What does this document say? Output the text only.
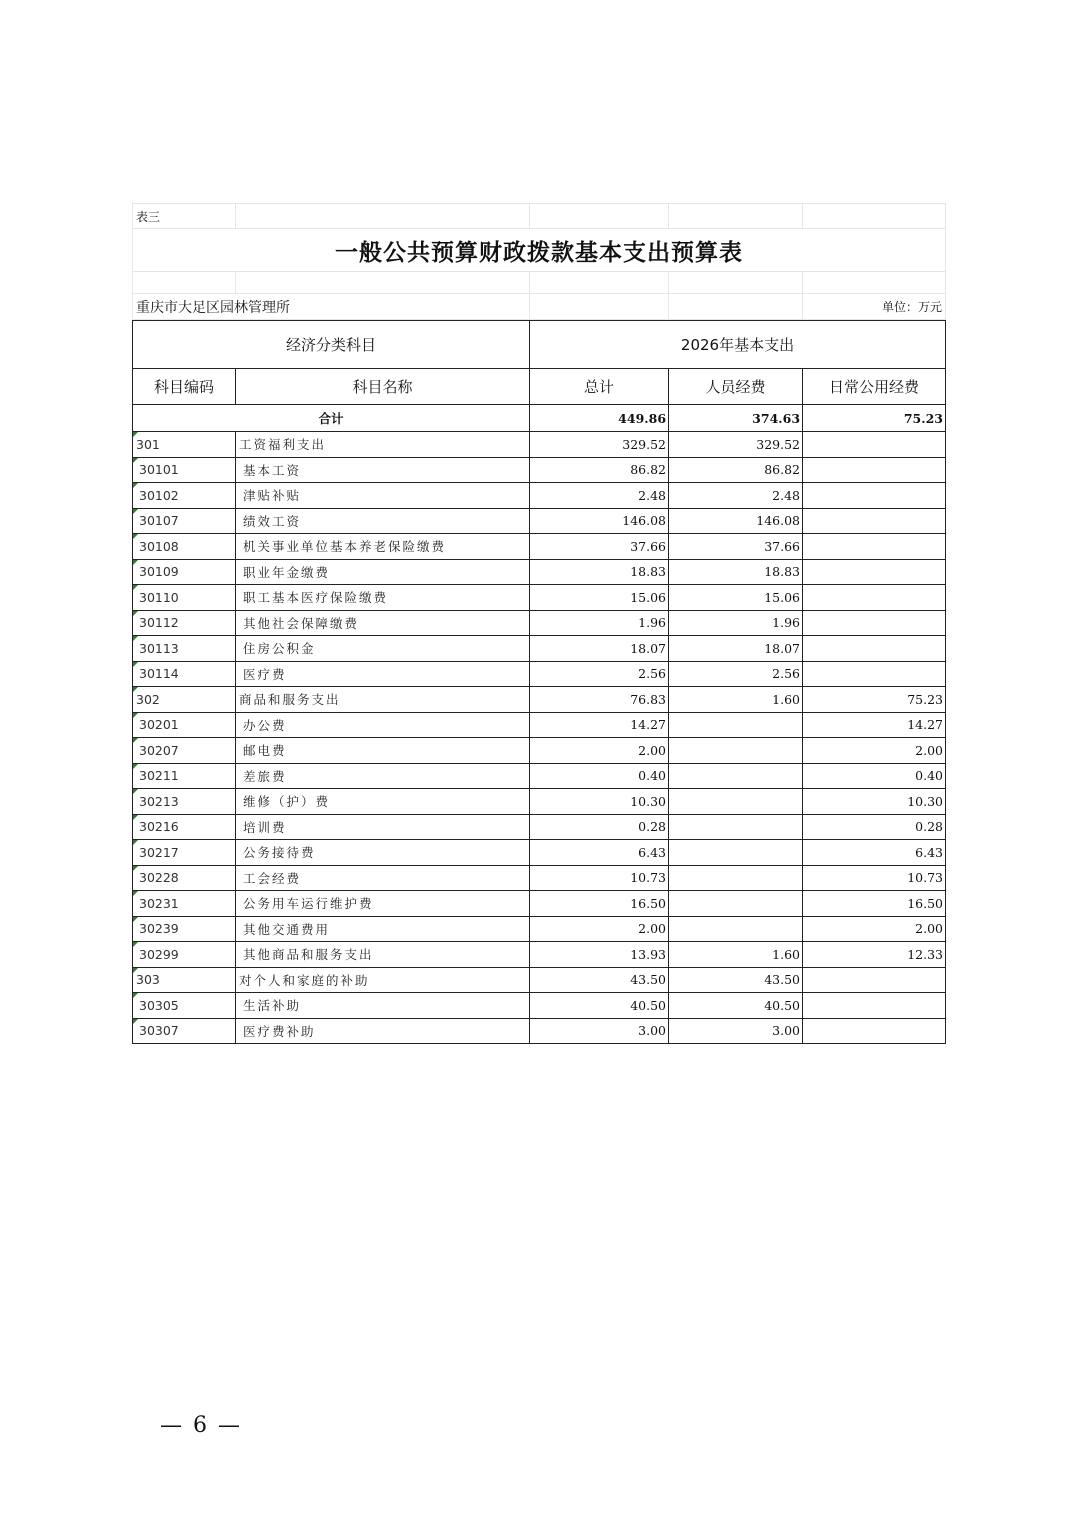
表三				
一般公共预算财政拨款基本支出预算表				

重庆市大足区园林管理所				单位：万元
经济分类科目		2026年基本支出		
科目编码	科目名称	总计	人员经费	日常公用经费
合计		449.86	374.63	75.23

301	工资福利支出	329.52	329.52	

30101	基本工资	86.82	86.82	

30102	津贴补贴	2.48	2.48	

30107	绩效工资	146.08	146.08	

30108	机关事业单位基本养老保险缴费	37.66	37.66	

30109	职业年金缴费	18.83	18.83	

30110	职工基本医疗保险缴费	15.06	15.06	

30112	其他社会保障缴费	1.96	1.96	

30113	住房公积金	18.07	18.07	

30114	医疗费	2.56	2.56	

302	商品和服务支出	76.83	1.60	75.23

30201	办公费	14.27		14.27

30207	邮电费	2.00		2.00

30211	差旅费	0.40		0.40

30213	维修（护）费	10.30		10.30

30216	培训费	0.28		0.28

30217	公务接待费	6.43		6.43

30228	工会经费	10.73		10.73

30231	公务用车运行维护费	16.50		16.50

30239	其他交通费用	2.00		2.00

30299	其他商品和服务支出	13.93	1.60	12.33

303	对个人和家庭的补助	43.50	43.50	

30305	生活补助	40.50	40.50	

30307	医疗费补助	3.00	3.00	
— 6 —
